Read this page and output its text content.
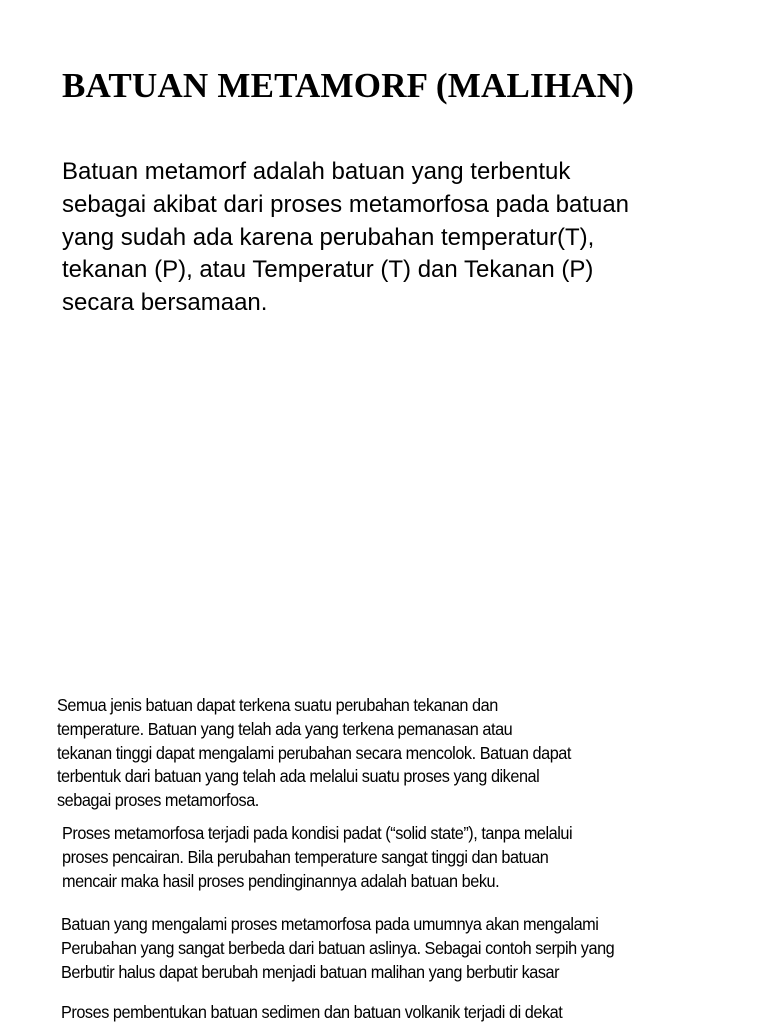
BATUAN METAMORF (MALIHAN)
Batuan metamorf adalah batuan yang terbentuk
sebagai akibat dari proses metamorfosa pada batuan
yang sudah ada karena perubahan temperatur(T),
tekanan (P), atau Temperatur (T) dan Tekanan (P)
secara bersamaan.
Semua jenis batuan dapat terkena suatu perubahan tekanan dan
temperature. Batuan yang telah ada yang terkena pemanasan atau
tekanan tinggi dapat mengalami perubahan secara mencolok. Batuan dapat
terbentuk dari batuan yang telah ada melalui suatu proses yang dikenal
sebagai proses metamorfosa.
Proses metamorfosa terjadi pada kondisi padat (“solid state”), tanpa melalui
proses pencairan. Bila perubahan temperature sangat tinggi dan batuan
mencair maka hasil proses pendinginannya adalah batuan beku.
Batuan yang mengalami proses metamorfosa pada umumnya akan mengalami
Perubahan yang sangat berbeda dari batuan aslinya. Sebagai contoh serpih yang
Berbutir halus dapat berubah menjadi batuan malihan yang berbutir kasar
Proses pembentukan batuan sedimen dan batuan volkanik terjadi di dekat
